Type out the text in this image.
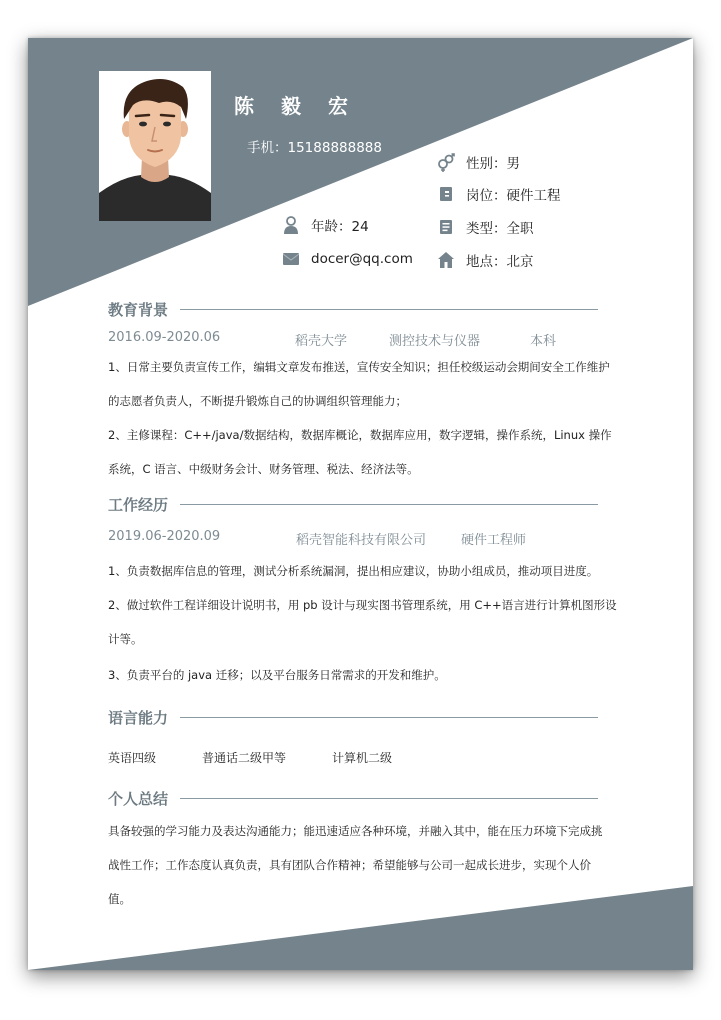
陈 毅 宏
手机：15188888888
性别：男
岗位：硬件工程
类型：全职
地点：北京
年龄：24
docer@qq.com
教育背景
2016.09-2020.06	稻壳大学	测控技术与仪器	本科

1、日常主要负责宣传工作，编辑文章发布推送，宣传安全知识；担任校级运动会期间安全工作维护的志愿者负责人，不断提升锻炼自己的协调组织管理能力；

2、主修课程：C++/java/数据结构，数据库概论，数据库应用，数字逻辑，操作系统，Linux 操作系统，C 语言、中级财务会计、财务管理、税法、经济法等。

工作经历
2019.06-2020.09	稻壳智能科技有限公司	硬件工程师

1、负责数据库信息的管理，测试分析系统漏洞，提出相应建议，协助小组成员，推动项目进度。

2、做过软件工程详细设计说明书，用 pb 设计与现实图书管理系统，用 C++语言进行计算机图形设计等。

3、负责平台的 java 迁移；以及平台服务日常需求的开发和维护。

语言能力
英语四级	普通话二级甲等	计算机二级
个人总结

具备较强的学习能力及表达沟通能力；能迅速适应各种环境，并融入其中，能在压力环境下完成挑战性工作；工作态度认真负责，具有团队合作精神；希望能够与公司一起成长进步，实现个人价值。
